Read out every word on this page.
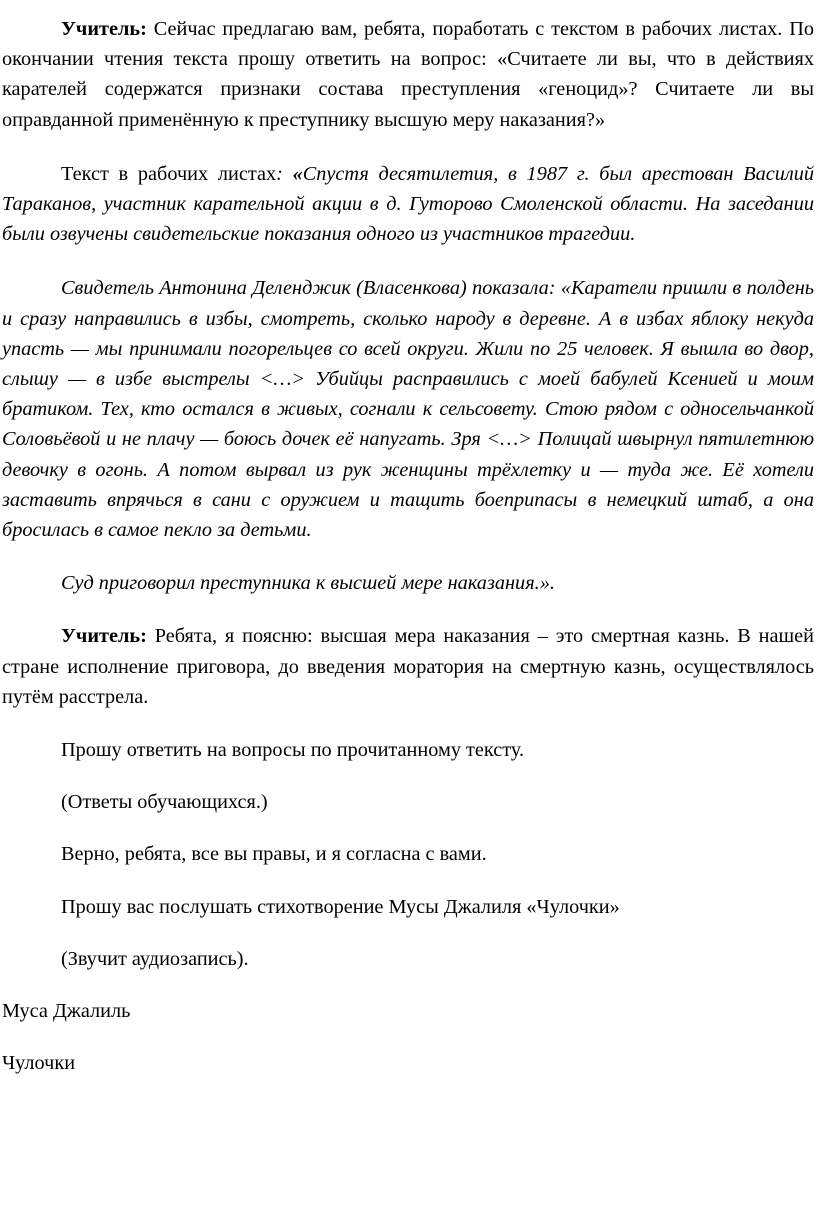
Учитель: Сейчас предлагаю вам, ребята, поработать с текстом в рабочих листах. По окончании чтения текста прошу ответить на вопрос: «Считаете ли вы, что в действиях карателей содержатся признаки состава преступления «геноцид»? Считаете ли вы оправданной применённую к преступнику высшую меру наказания?»

Текст в рабочих листах: «Спустя десятилетия, в 1987 г. был арестован Василий Тараканов, участник карательной акции в д. Гуторово Смоленской области. На заседании были озвучены свидетельские показания одного из участников трагедии.

Свидетель Антонина Деленджик (Власенкова) показала: «Каратели пришли в полдень и сразу направились в избы, смотреть, сколько народу в деревне. А в избах яблоку некуда упасть — мы принимали погорельцев со всей округи. Жили по 25 человек. Я вышла во двор, слышу — в избе выстрелы <…> Убийцы расправились с моей бабулей Ксенией и моим братиком. Тех, кто остался в живых, согнали к сельсовету. Стою рядом с односельчанкой Соловьёвой и не плачу — боюсь дочек её напугать. Зря <…> Полицай швырнул пятилетнюю девочку в огонь. А потом вырвал из рук женщины трёхлетку и — туда же. Её хотели заставить впрячься в сани с оружием и тащить боеприпасы в немецкий штаб, а она бросилась в самое пекло за детьми.

Суд приговорил преступника к высшей мере наказания.».

Учитель: Ребята, я поясню: высшая мера наказания – это смертная казнь. В нашей стране исполнение приговора, до введения моратория на смертную казнь, осуществлялось путём расстрела.

Прошу ответить на вопросы по прочитанному тексту.

(Ответы обучающихся.)

Верно, ребята, все вы правы, и я согласна с вами.

Прошу вас послушать стихотворение Мусы Джалиля «Чулочки»

(Звучит аудиозапись).

Муса Джалиль

Чулочки
